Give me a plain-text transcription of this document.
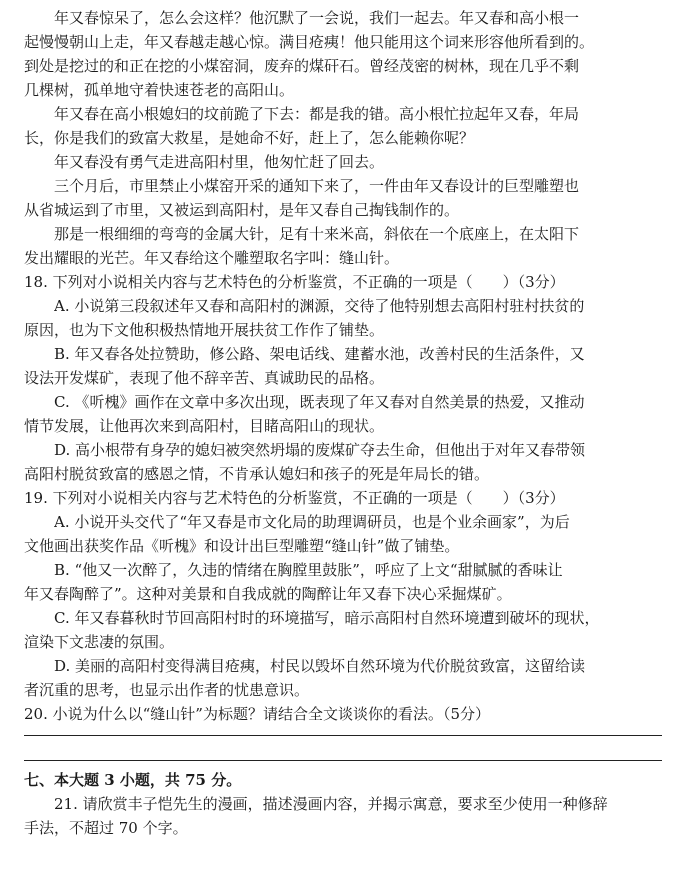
年又春惊呆了，怎么会这样？他沉默了一会说，我们一起去。年又春和高小根一
起慢慢朝山上走，年又春越走越心惊。满目疮痍！他只能用这个词来形容他所看到的。
到处是挖过的和正在挖的小煤窑洞，废弃的煤矸石。曾经茂密的树林，现在几乎不剩
几棵树，孤单地守着快速苍老的高阳山。
年又春在高小根媳妇的坟前跪了下去：都是我的错。高小根忙拉起年又春，年局
长，你是我们的致富大救星，是她命不好，赶上了，怎么能赖你呢？
年又春没有勇气走进高阳村里，他匆忙赶了回去。
三个月后，市里禁止小煤窑开采的通知下来了，一件由年又春设计的巨型雕塑也
从省城运到了市里，又被运到高阳村，是年又春自己掏钱制作的。
那是一根细细的弯弯的金属大针，足有十来米高，斜依在一个底座上，在太阳下
发出耀眼的光芒。年又春给这个雕塑取名字叫：缝山针。
18. 下列对小说相关内容与艺术特色的分析鉴赏，不正确的一项是（　　）（3分）
A. 小说第三段叙述年又春和高阳村的渊源，交待了他特别想去高阳村驻村扶贫的
原因，也为下文他积极热情地开展扶贫工作作了铺垫。
B. 年又春各处拉赞助，修公路、架电话线、建蓄水池，改善村民的生活条件，又
设法开发煤矿，表现了他不辞辛苦、真诚助民的品格。
C. 《听槐》画作在文章中多次出现，既表现了年又春对自然美景的热爱，又推动
情节发展，让他再次来到高阳村，目睹高阳山的现状。
D. 高小根带有身孕的媳妇被突然坍塌的废煤矿夺去生命，但他出于对年又春带领
高阳村脱贫致富的感恩之情，不肯承认媳妇和孩子的死是年局长的错。
19. 下列对小说相关内容与艺术特色的分析鉴赏，不正确的一项是（　　）（3分）
A. 小说开头交代了“年又春是市文化局的助理调研员，也是个业余画家”，为后
文他画出获奖作品《听槐》和设计出巨型雕塑“缝山针”做了铺垫。
B. “他又一次醉了，久违的情绪在胸膛里鼓胀”，呼应了上文“甜腻腻的香味让
年又春陶醉了”。这种对美景和自我成就的陶醉让年又春下决心采掘煤矿。
C. 年又春暮秋时节回高阳村时的环境描写，暗示高阳村自然环境遭到破坏的现状，
渲染下文悲凄的氛围。
D. 美丽的高阳村变得满目疮痍，村民以毁坏自然环境为代价脱贫致富，这留给读
者沉重的思考，也显示出作者的忧患意识。
20. 小说为什么以“缝山针”为标题？请结合全文谈谈你的看法。（5分）
七、本大题 3 小题，共 75 分。
21. 请欣赏丰子恺先生的漫画，描述漫画内容，并揭示寓意，要求至少使用一种修辞
手法，不超过 70 个字。
